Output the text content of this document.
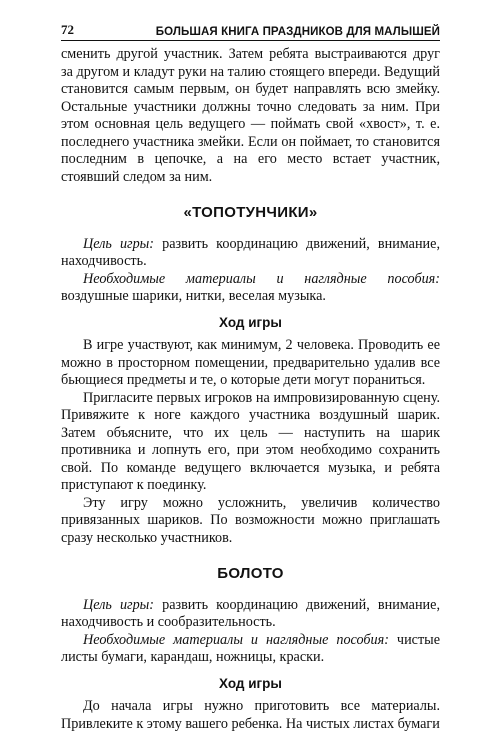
72	БОЛЬШАЯ КНИГА ПРАЗДНИКОВ ДЛЯ МАЛЫШЕЙ

сменить другой участник. Затем ребята выстраиваются друг за другом и кладут руки на талию стоящего впереди. Ведущий становится самым первым, он будет направлять всю змейку. Остальные участники должны точно следовать за ним. При этом основная цель ведущего — поймать свой «хвост», т. е. последнего участника змейки. Если он поймает, то становится последним в цепочке, а на его место встает участник, стоявший следом за ним.

«ТОПОТУНЧИКИ»

Цель игры: развить координацию движений, внимание, находчивость.

Необходимые материалы и наглядные пособия: воздушные шарики, нитки, веселая музыка.

Ход игры

В игре участвуют, как минимум, 2 человека. Проводить ее можно в просторном помещении, предварительно удалив все бьющиеся предметы и те, о которые дети могут пораниться.

Пригласите первых игроков на импровизированную сцену. Привяжите к ноге каждого участника воздушный шарик. Затем объясните, что их цель — наступить на шарик противника и лопнуть его, при этом необходимо сохранить свой. По команде ведущего включается музыка, и ребята приступают к поединку.

Эту игру можно усложнить, увеличив количество привязанных шариков. По возможности можно приглашать сразу несколько участников.

БОЛОТО

Цель игры: развить координацию движений, внимание, находчивость и сообразительность.

Необходимые материалы и наглядные пособия: чистые листы бумаги, карандаш, ножницы, краски.

Ход игры

До начала игры нужно приготовить все материалы. Привлеките к этому вашего ребенка. На чистых листах бумаги
